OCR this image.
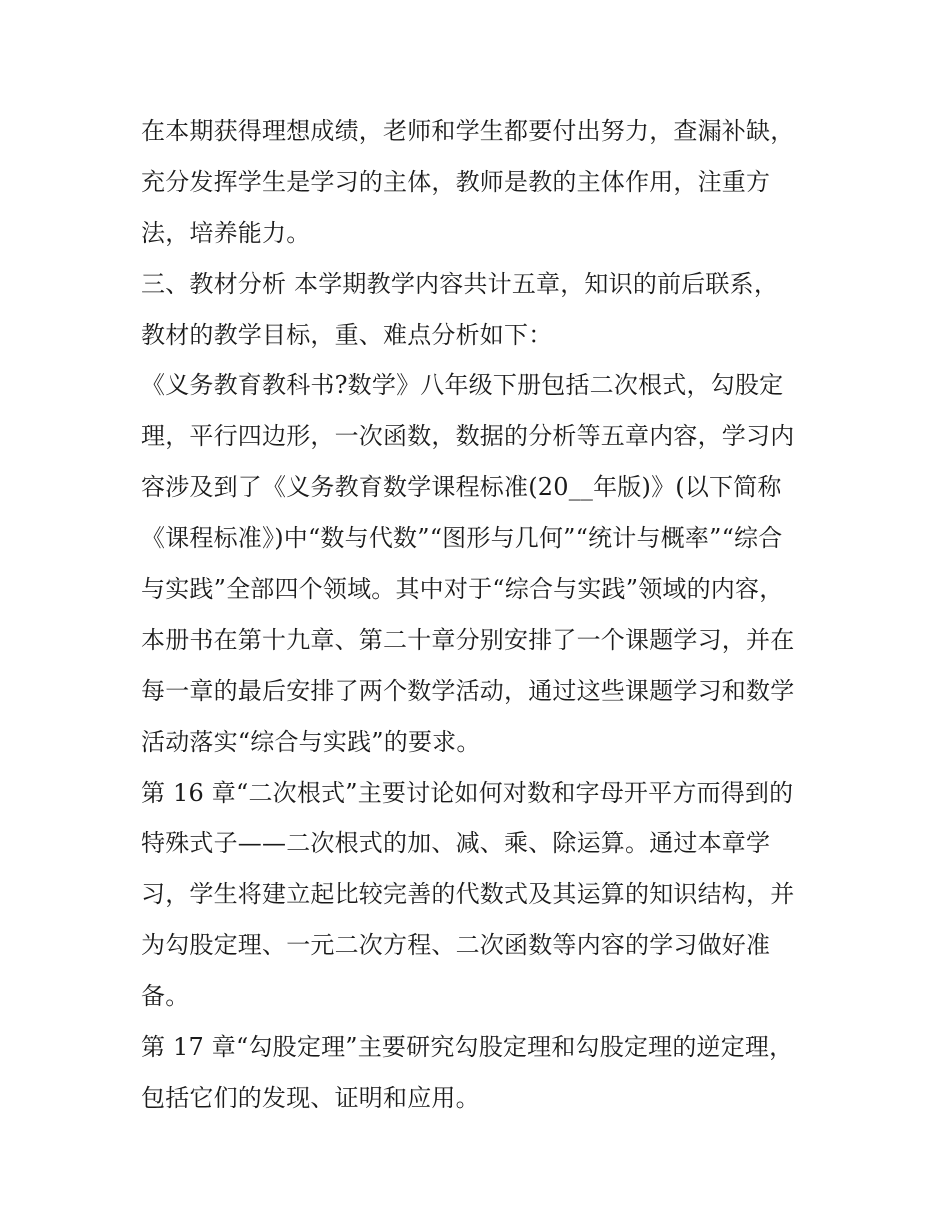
在本期获得理想成绩，老师和学生都要付出努力，查漏补缺，
充分发挥学生是学习的主体，教师是教的主体作用，注重方
法，培养能力。
三、教材分析 本学期教学内容共计五章，知识的前后联系，
教材的教学目标，重、难点分析如下：
《义务教育教科书?数学》八年级下册包括二次根式，勾股定
理，平行四边形，一次函数，数据的分析等五章内容，学习内
容涉及到了《义务教育数学课程标准(20__年版)》(以下简称
《课程标准》)中“数与代数”“图形与几何”“统计与概率”“综合
与实践”全部四个领域。其中对于“综合与实践”领域的内容，
本册书在第十九章、第二十章分别安排了一个课题学习，并在
每一章的最后安排了两个数学活动，通过这些课题学习和数学
活动落实“综合与实践”的要求。
第 16 章“二次根式”主要讨论如何对数和字母开平方而得到的
特殊式子——二次根式的加、减、乘、除运算。通过本章学
习，学生将建立起比较完善的代数式及其运算的知识结构，并
为勾股定理、一元二次方程、二次函数等内容的学习做好准
备。
第 17 章“勾股定理”主要研究勾股定理和勾股定理的逆定理，
包括它们的发现、证明和应用。
